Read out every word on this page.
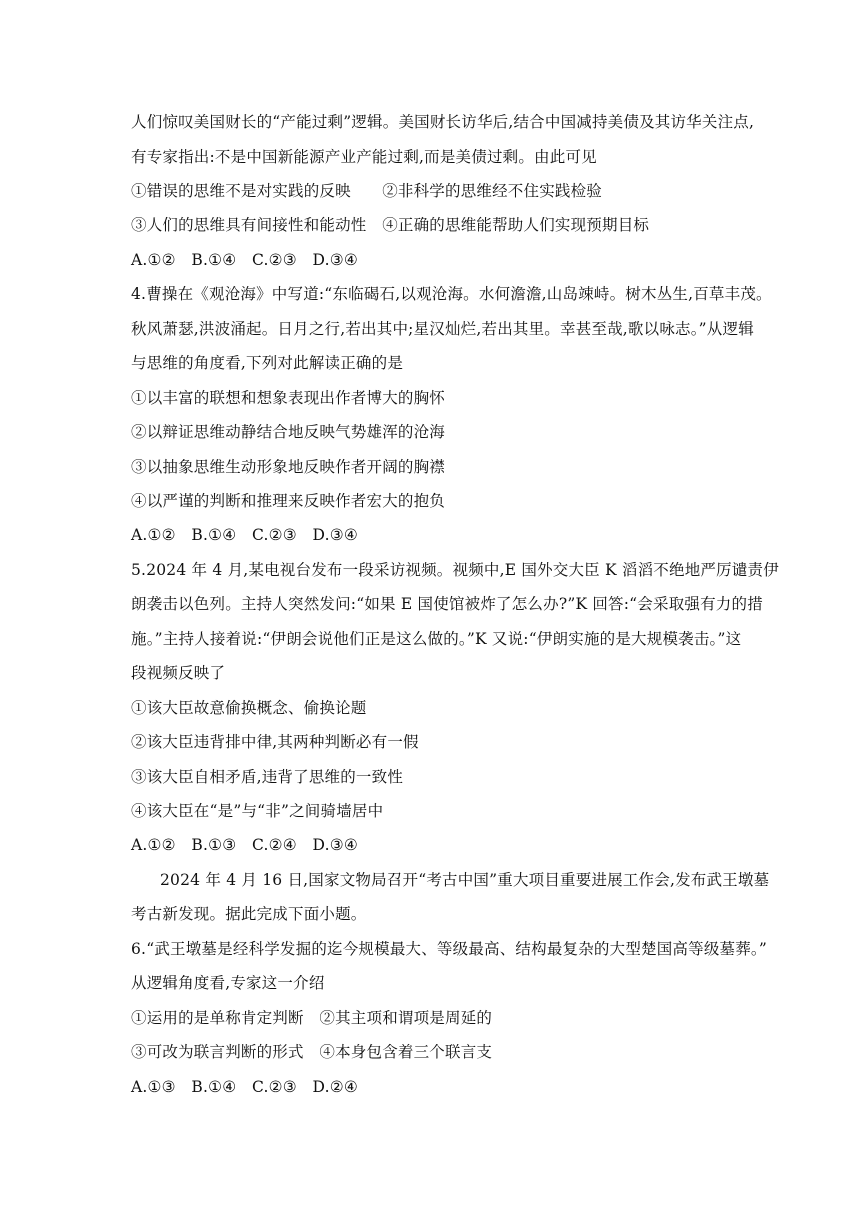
人们惊叹美国财长的“产能过剩”逻辑。美国财长访华后,结合中国减持美债及其访华关注点,
有专家指出:不是中国新能源产业产能过剩,而是美债过剩。由此可见
①错误的思维不是对实践的反映　　②非科学的思维经不住实践检验
③人们的思维具有间接性和能动性　④正确的思维能帮助人们实现预期目标
A.①②　B.①④　C.②③　D.③④
4.曹操在《观沧海》中写道:“东临碣石,以观沧海。水何澹澹,山岛竦峙。树木丛生,百草丰茂。
秋风萧瑟,洪波涌起。日月之行,若出其中;星汉灿烂,若出其里。幸甚至哉,歌以咏志。”从逻辑
与思维的角度看,下列对此解读正确的是
①以丰富的联想和想象表现出作者博大的胸怀
②以辩证思维动静结合地反映气势雄浑的沧海
③以抽象思维生动形象地反映作者开阔的胸襟
④以严谨的判断和推理来反映作者宏大的抱负
A.①②　B.①④　C.②③　D.③④
5.2024 年 4 月,某电视台发布一段采访视频。视频中,E 国外交大臣 K 滔滔不绝地严厉谴责伊
朗袭击以色列。主持人突然发问:“如果 E 国使馆被炸了怎么办?”K 回答:“会采取强有力的措
施。”主持人接着说:“伊朗会说他们正是这么做的。”K 又说:“伊朗实施的是大规模袭击。”这
段视频反映了
①该大臣故意偷换概念、偷换论题
②该大臣违背排中律,其两种判断必有一假
③该大臣自相矛盾,违背了思维的一致性
④该大臣在“是”与“非”之间骑墙居中
A.①②　B.①③　C.②④　D.③④
2024 年 4 月 16 日,国家文物局召开“考古中国”重大项目重要进展工作会,发布武王墩墓
考古新发现。据此完成下面小题。
6.“武王墩墓是经科学发掘的迄今规模最大、等级最高、结构最复杂的大型楚国高等级墓葬。”
从逻辑角度看,专家这一介绍
①运用的是单称肯定判断　②其主项和谓项是周延的
③可改为联言判断的形式　④本身包含着三个联言支
A.①③　B.①④　C.②③　D.②④
